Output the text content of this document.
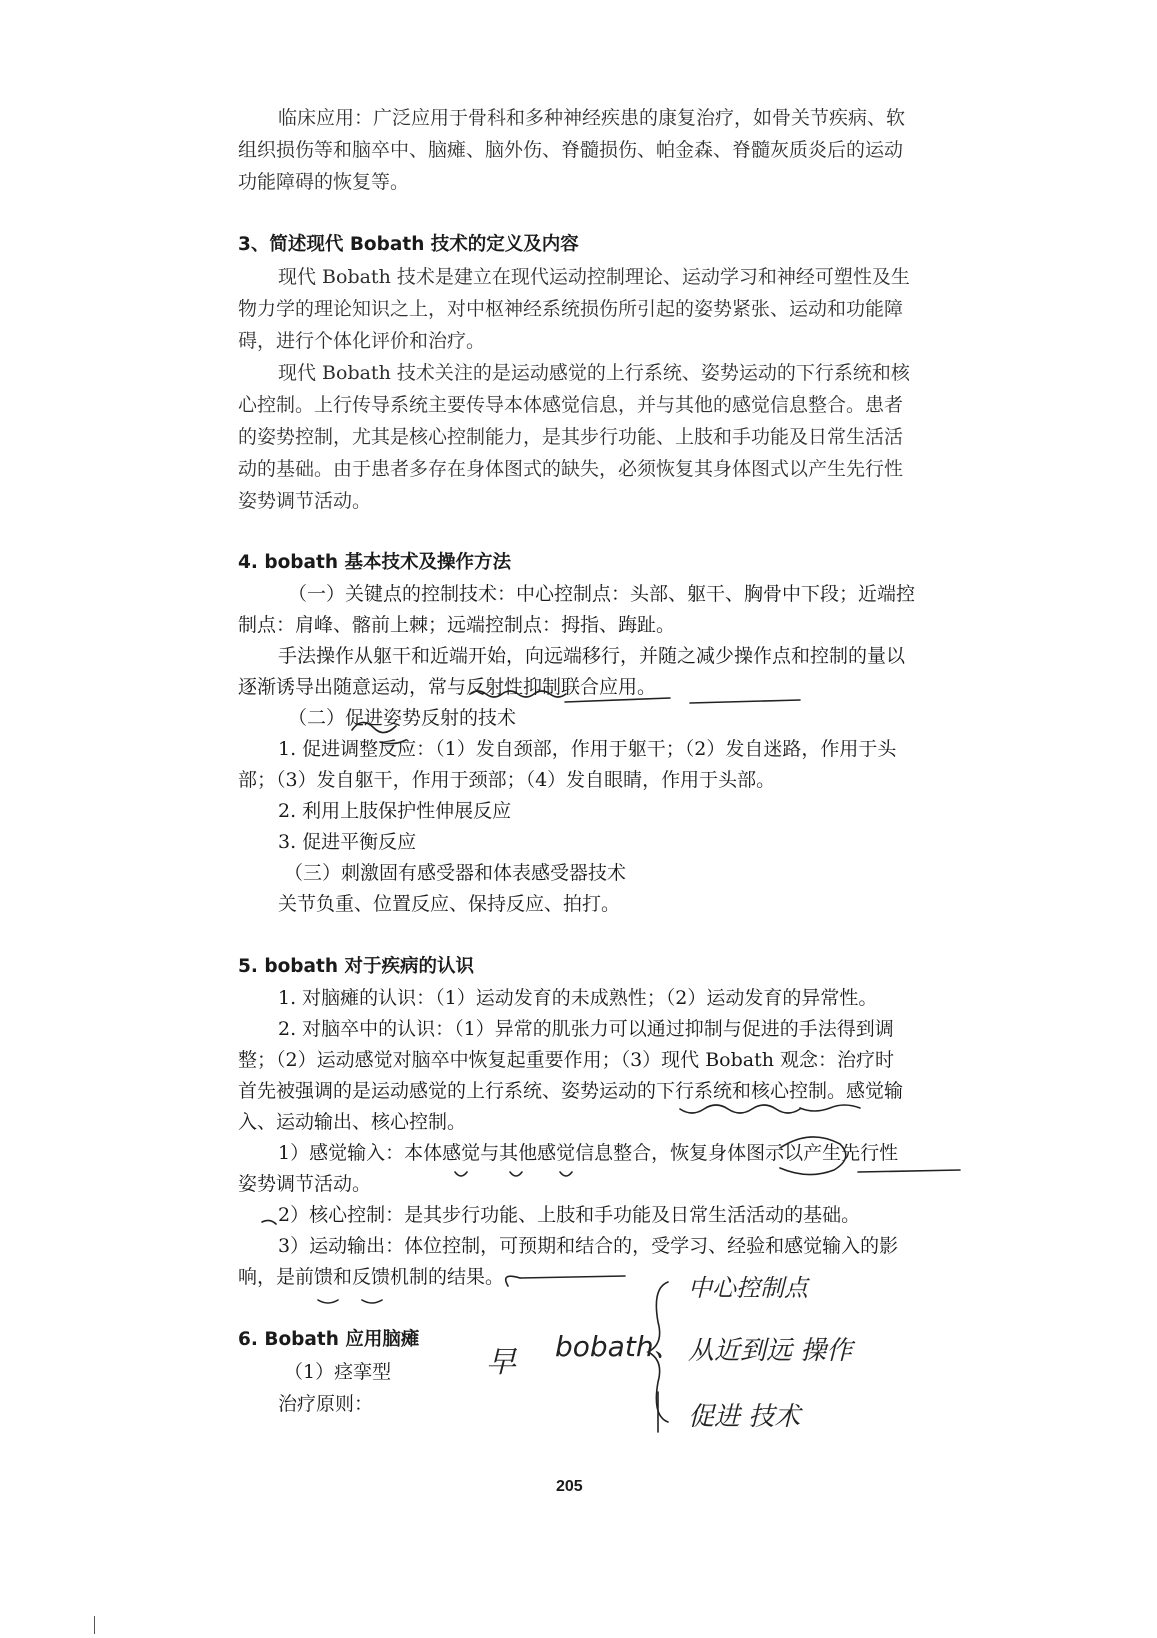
临床应用：广泛应用于骨科和多种神经疾患的康复治疗，如骨关节疾病、软
组织损伤等和脑卒中、脑瘫、脑外伤、脊髓损伤、帕金森、脊髓灰质炎后的运动
功能障碍的恢复等。
3、简述现代 Bobath 技术的定义及内容
现代 Bobath 技术是建立在现代运动控制理论、运动学习和神经可塑性及生
物力学的理论知识之上，对中枢神经系统损伤所引起的姿势紧张、运动和功能障
碍，进行个体化评价和治疗。
现代 Bobath 技术关注的是运动感觉的上行系统、姿势运动的下行系统和核
心控制。上行传导系统主要传导本体感觉信息，并与其他的感觉信息整合。患者
的姿势控制，尤其是核心控制能力，是其步行功能、上肢和手功能及日常生活活
动的基础。由于患者多存在身体图式的缺失，必须恢复其身体图式以产生先行性
姿势调节活动。
4. bobath 基本技术及操作方法
（一）关键点的控制技术：中心控制点：头部、躯干、胸骨中下段；近端控
制点：肩峰、髂前上棘；远端控制点：拇指、踇趾。
手法操作从躯干和近端开始，向远端移行，并随之减少操作点和控制的量以
逐渐诱导出随意运动，常与反射性抑制联合应用。
（二）促进姿势反射的技术
1. 促进调整反应：（1）发自颈部，作用于躯干；（2）发自迷路，作用于头
部；（3）发自躯干，作用于颈部；（4）发自眼睛，作用于头部。
2. 利用上肢保护性伸展反应
3. 促进平衡反应
（三）刺激固有感受器和体表感受器技术
关节负重、位置反应、保持反应、拍打。
5. bobath 对于疾病的认识
1. 对脑瘫的认识：（1）运动发育的未成熟性；（2）运动发育的异常性。
2. 对脑卒中的认识：（1）异常的肌张力可以通过抑制与促进的手法得到调
整；（2）运动感觉对脑卒中恢复起重要作用；（3）现代 Bobath 观念：治疗时
首先被强调的是运动感觉的上行系统、姿势运动的下行系统和核心控制。感觉输
入、运动输出、核心控制。
1）感觉输入：本体感觉与其他感觉信息整合，恢复身体图示以产生先行性
姿势调节活动。
2）核心控制：是其步行功能、上肢和手功能及日常生活活动的基础。
3）运动输出：体位控制，可预期和结合的，受学习、经验和感觉输入的影
响，是前馈和反馈机制的结果。
6. Bobath 应用脑瘫
（1）痉挛型
治疗原则：
早 bobath、
中心控制点
从近到远 操作
促进 技术
205
